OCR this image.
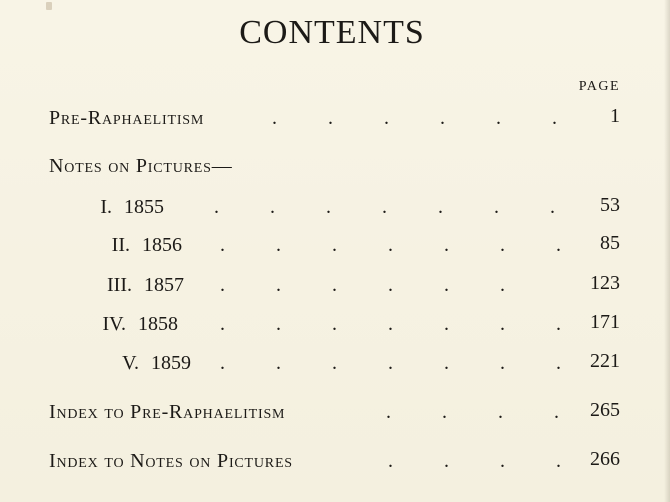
CONTENTS
PAGE
Pre-Raphaelitism	.	.	.	.	.	.	1
Notes on Pictures—
I. 1855	.	.	.	.	.	.	.	53
II. 1856 .	.	.	.	.	.	.	85
III. 1857 .	.	.	.	.	.	123
IV. 1858 .	.	.	.	.	.	.	171
V. 1859 .	.	.	.	.	.	.	221
Index to Pre-Raphaelitism	.	.	.	.	265
Index to Notes on Pictures	.	.	.	.	266
